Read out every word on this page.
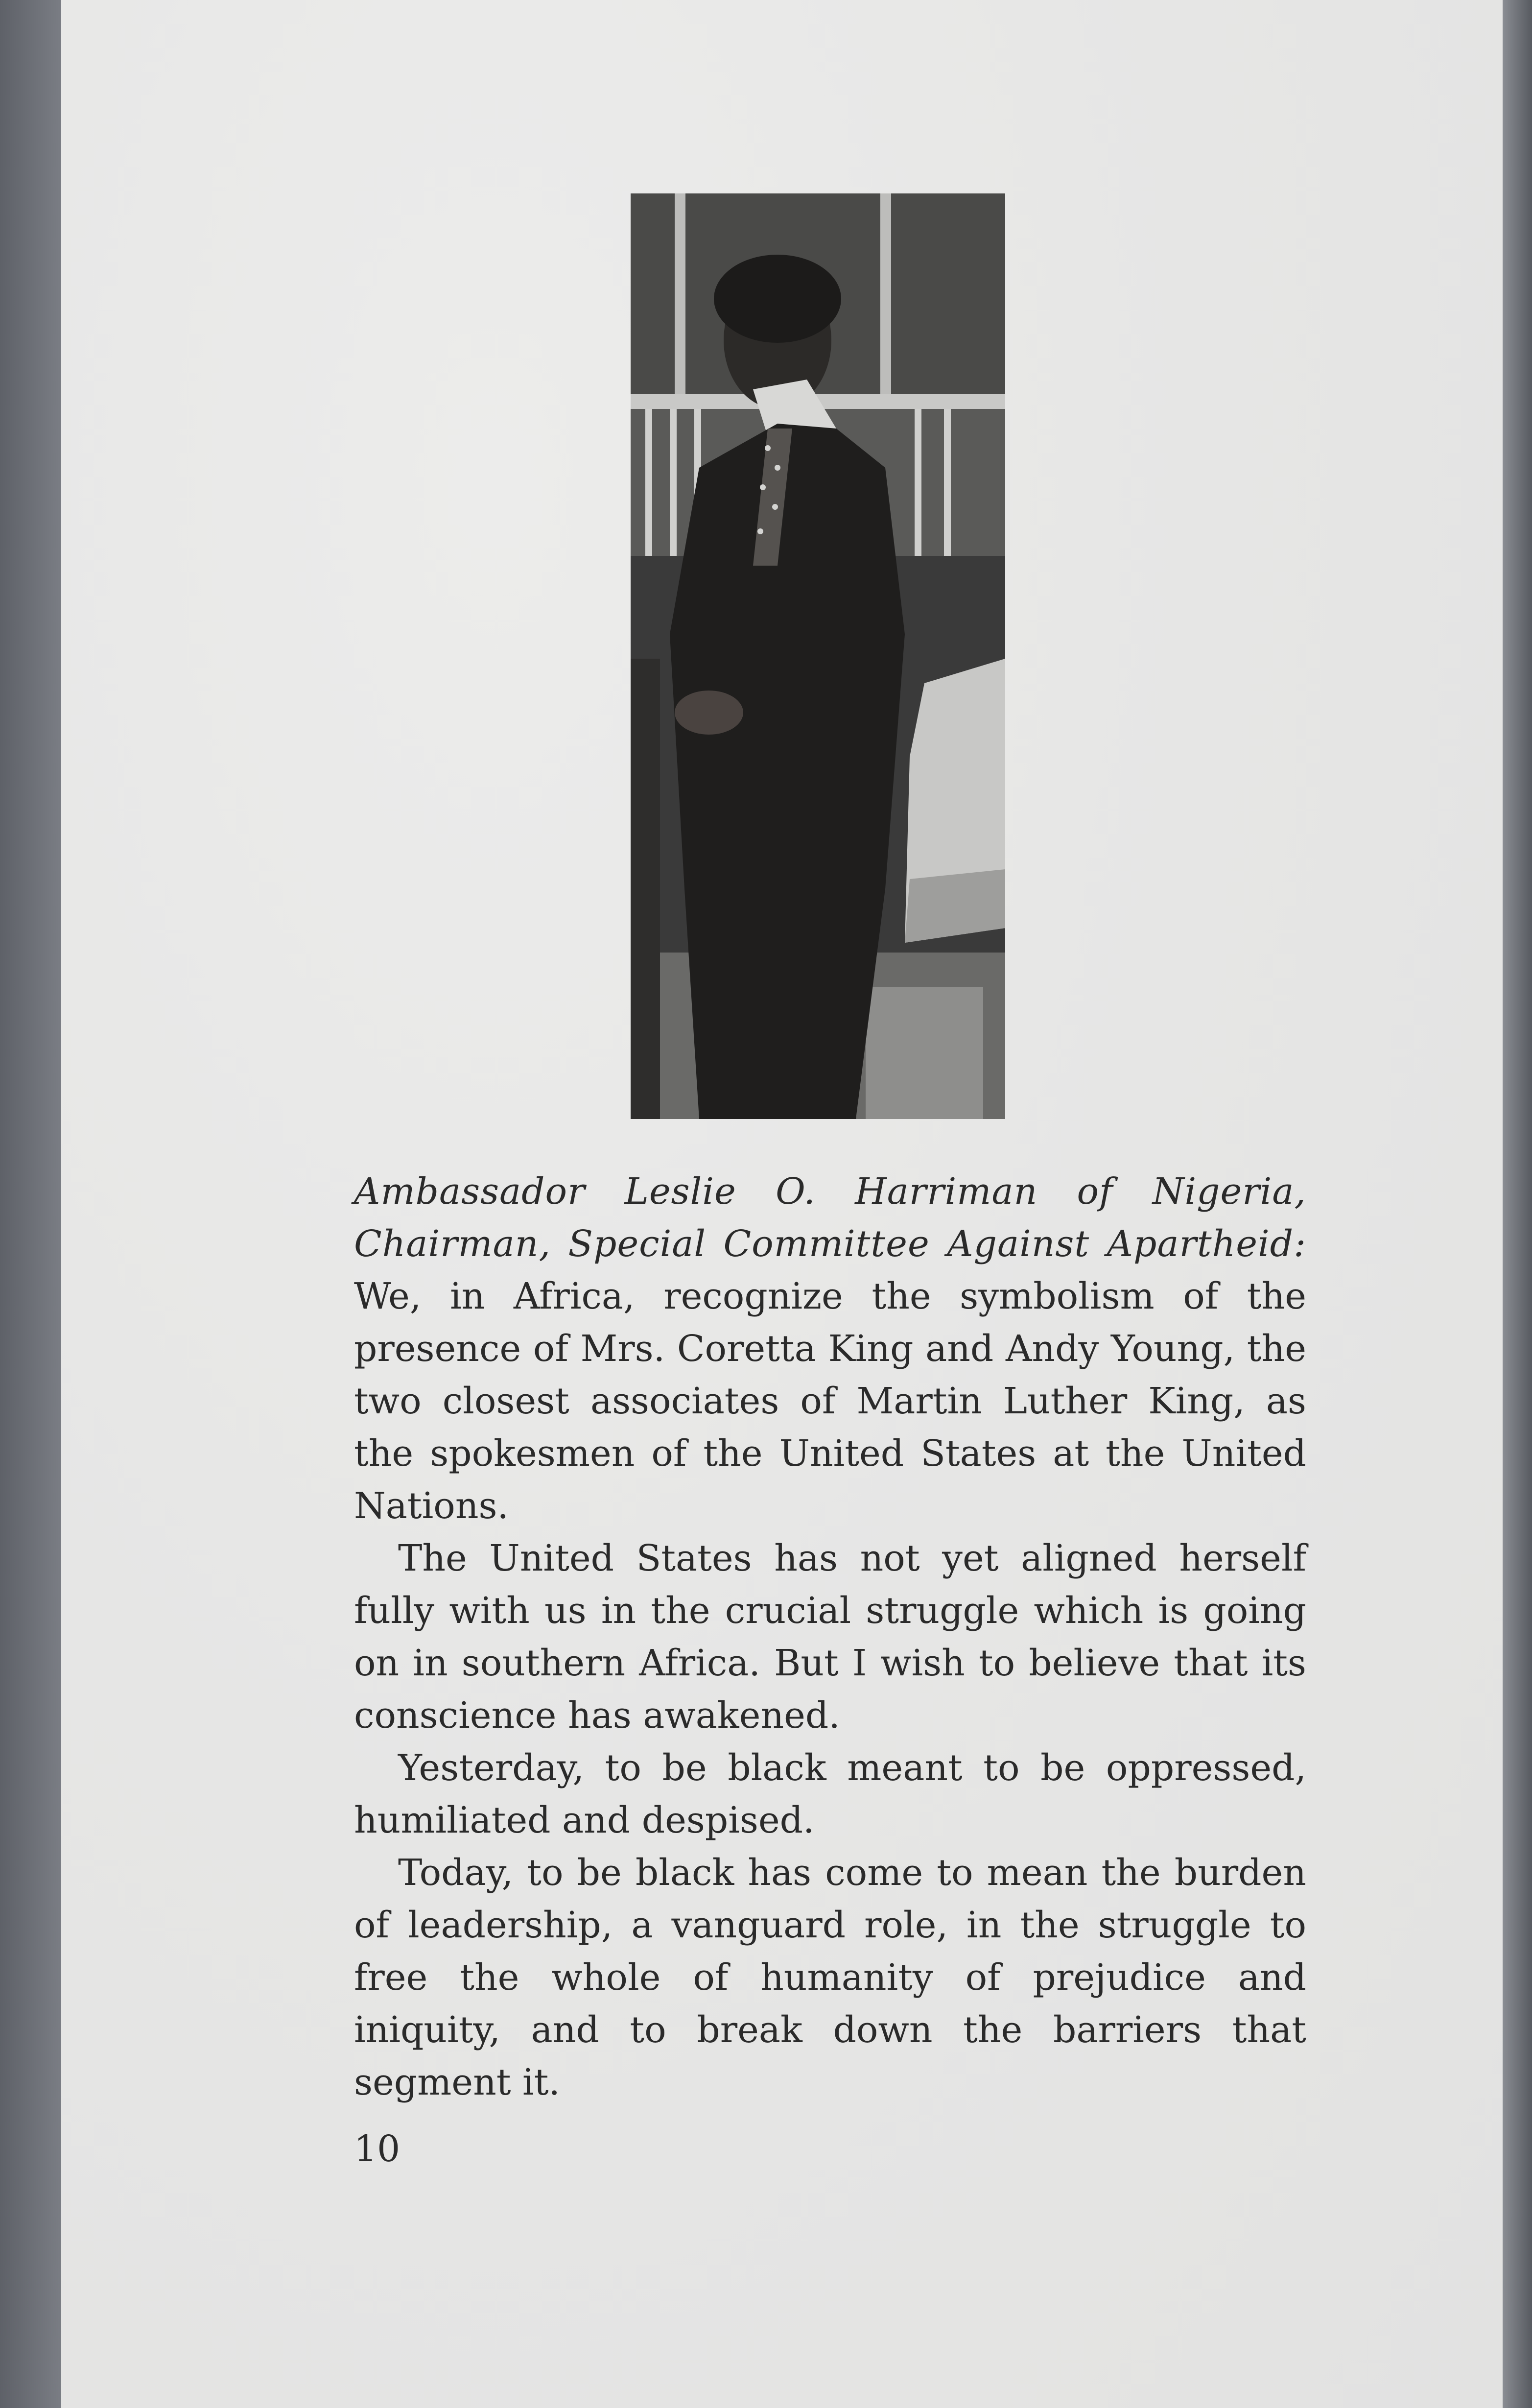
Ambassador Leslie O. Harriman of Nigeria, Chairman, Special Committee Against Apartheid: We, in Africa, recognize the symbolism of the presence of Mrs. Coretta King and Andy Young, the two closest associates of Martin Luther King, as the spokesmen of the United States at the United Nations.

The United States has not yet aligned herself fully with us in the crucial struggle which is going on in southern Africa. But I wish to believe that its conscience has awakened.

Yesterday, to be black meant to be oppressed, humiliated and despised.

Today, to be black has come to mean the burden of leadership, a vanguard role, in the struggle to free the whole of humanity of prejudice and iniquity, and to break down the barriers that segment it.

10
